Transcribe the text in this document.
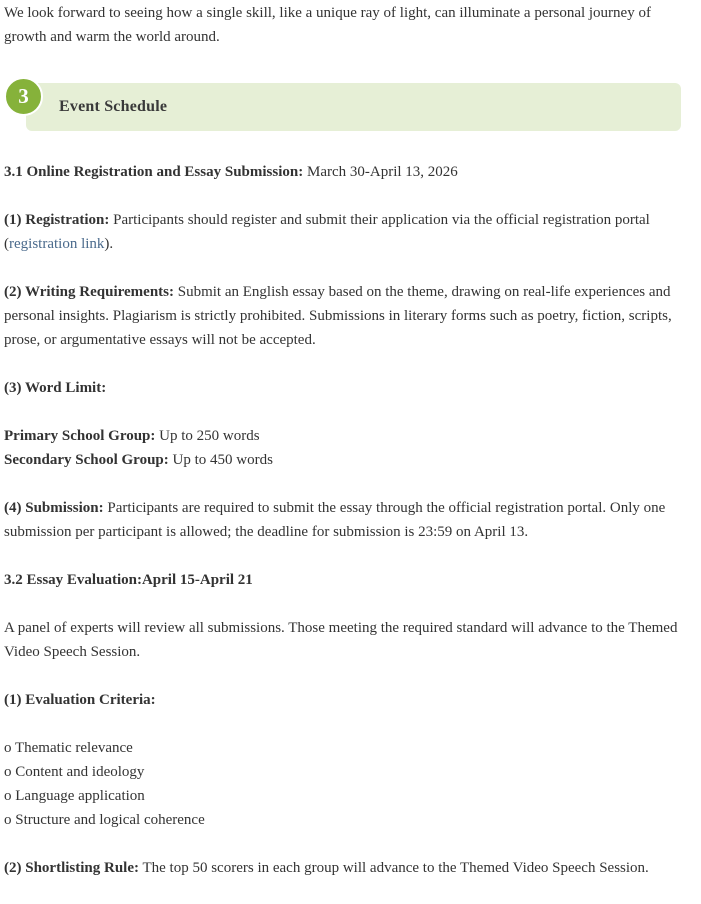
We look forward to seeing how a single skill, like a unique ray of light, can illuminate a personal journey of growth and warm the world around.

Event Schedule
3

3.1 Online Registration and Essay Submission: March 30-April 13, 2026

(1) Registration: Participants should register and submit their application via the official registration portal (registration link).

(2) Writing Requirements: Submit an English essay based on the theme, drawing on real-life experiences and personal insights. Plagiarism is strictly prohibited. Submissions in literary forms such as poetry, fiction, scripts, prose, or argumentative essays will not be accepted.

(3) Word Limit:

Primary School Group: Up to 250 words
Secondary School Group: Up to 450 words

(4) Submission: Participants are required to submit the essay through the official registration portal. Only one submission per participant is allowed; the deadline for submission is 23:59 on April 13.

3.2 Essay Evaluation:April 15-April 21

A panel of experts will review all submissions. Those meeting the required standard will advance to the Themed Video Speech Session.

(1) Evaluation Criteria:

o Thematic relevance
o Content and ideology
o Language application
o Structure and logical coherence

(2) Shortlisting Rule: The top 50 scorers in each group will advance to the Themed Video Speech Session.
